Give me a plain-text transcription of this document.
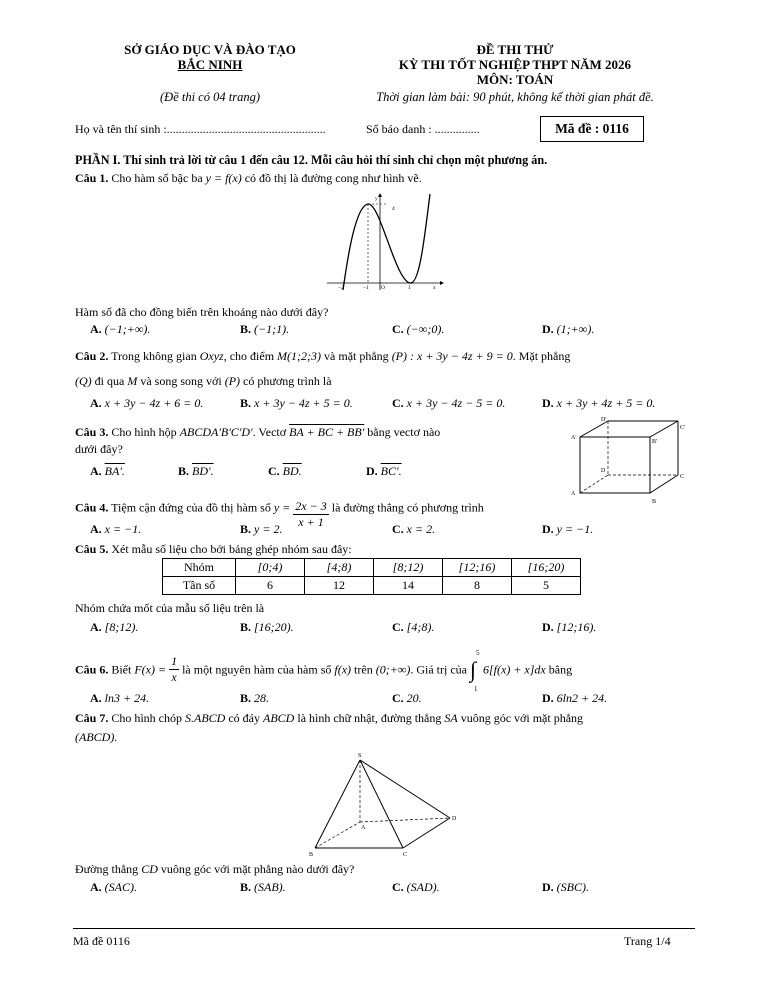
SỞ GIÁO DỤC VÀ ĐÀO TẠO
BẮC NINH
(Đề thi có 04 trang)
ĐỀ THI THỬ
KỲ THI TỐT NGHIỆP THPT NĂM 2026
MÔN: TOÁN
Thời gian làm bài: 90 phút, không kể thời gian phát đề.
Họ và tên thí sinh :.....................................................	Số báo danh : ...............	Mã đề : 0116
PHẦN I. Thí sinh trả lời từ câu 1 đến câu 12. Mỗi câu hỏi thí sinh chỉ chọn một phương án.
Câu 1. Cho hàm số bậc ba y = f(x) có đồ thị là đường cong như hình vẽ.
y
4
−2	−1 O	1	x
Hàm số đã cho đồng biến trên khoảng nào dưới đây?
A. (−1;+∞).	B. (−1;1).	C. (−∞;0).	D. (1;+∞).
Câu 2. Trong không gian Oxyz, cho điểm M(1;2;3) và mặt phẳng (P) : x + 3y − 4z + 9 = 0. Mặt phẳng
(Q) đi qua M và song song với (P) có phương trình là
A. x + 3y − 4z + 6 = 0.	B. x + 3y − 4z + 5 = 0.	C. x + 3y − 4z − 5 = 0.	D. x + 3y + 4z + 5 = 0.
Câu 3. Cho hình hộp ABCDA'B'C'D'. Vectơ BA + BC + BB' bằng vectơ nào
dưới đây?
A. BA'.	B. BD'.	C. BD.	D. BC'.
D'
C'
A'
B'
D
C
A
B
Câu 4. Tiệm cận đứng của đồ thị hàm số $y = \frac{2x - 3}{x + 1}$ là đường thẳng có phương trình
A. x = −1.	B. y = 2.	C. x = 2.	D. y = −1.
Câu 5. Xét mẫu số liệu cho bởi bảng ghép nhóm sau đây:
Nhóm	[0;4)	[4;8)	[8;12)	[12;16)	[16;20)
Tần số	6	12	14	8	5
Nhóm chứa mốt của mẫu số liệu trên là
A. [8;12).	B. [16;20).	C. [4;8).	D. [12;16).
Câu 6. Biết $F(x) = \frac{1}{x}$ là một nguyên hàm của hàm số f(x) trên (0;+∞). Giá trị của ∫
5
1
6[f(x) + x]dx bằng
A. ln3 + 24.	B. 28.	C. 20.	D. 6ln2 + 24.
Câu 7. Cho hình chóp S.ABCD có đáy ABCD là hình chữ nhật, đường thẳng SA vuông góc với mặt phẳng
(ABCD).
S
A
B	C
D
Đường thẳng CD vuông góc với mặt phẳng nào dưới đây?
A. (SAC).	B. (SAB).	C. (SAD).	D. (SBC).
Mã đề 0116	Trang 1/4
